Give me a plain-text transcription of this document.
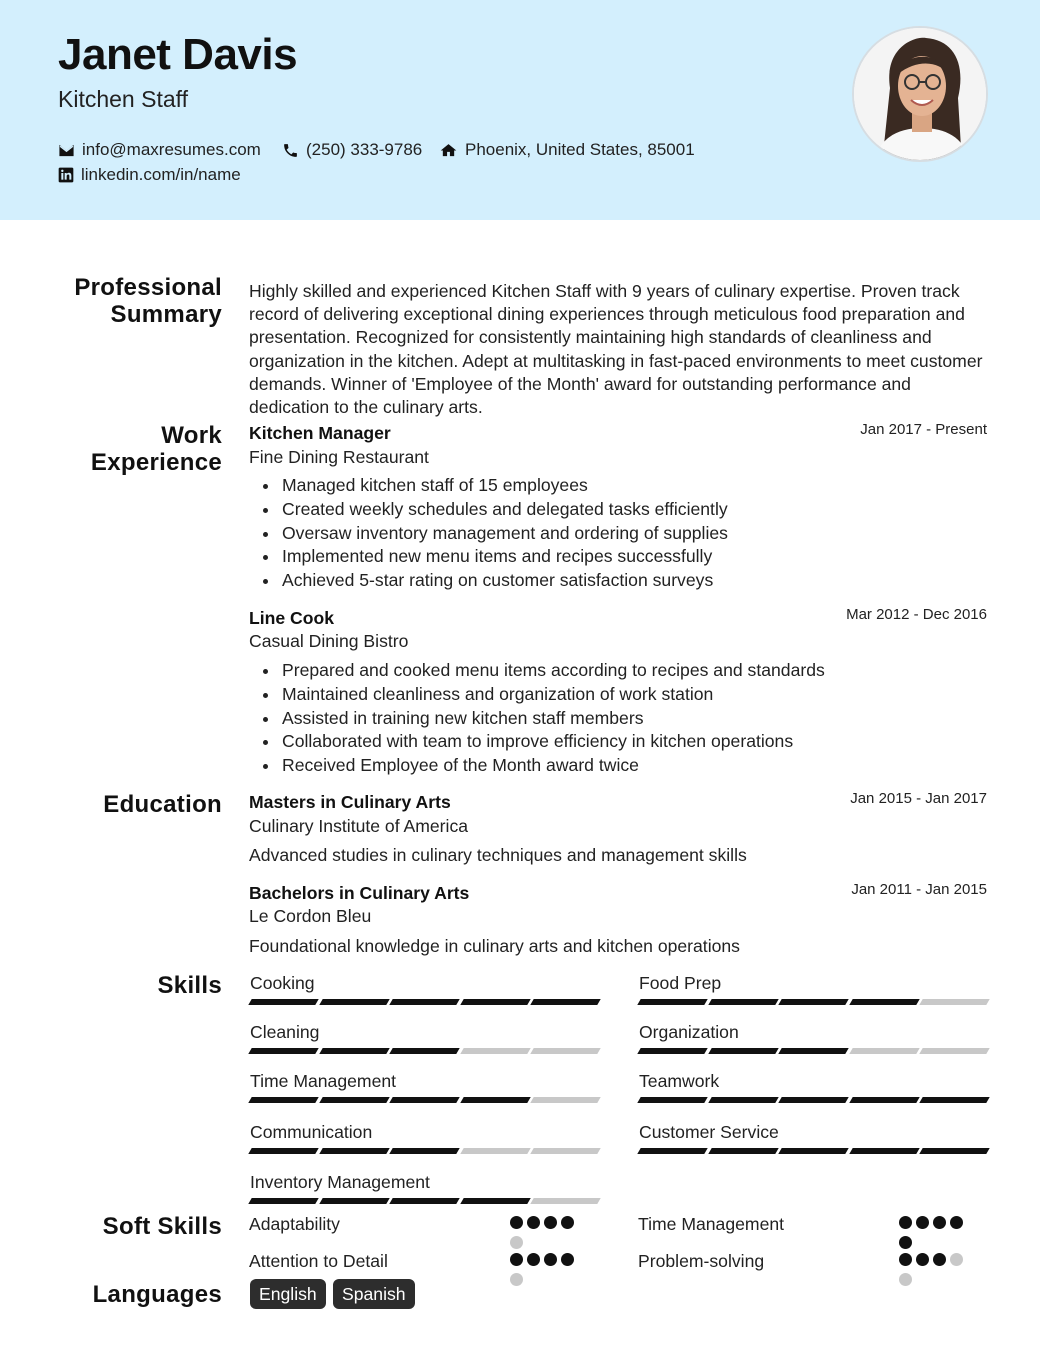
Janet Davis
Kitchen Staff
info@maxresumes.com	(250) 333-9786	Phoenix, United States, 85001
linkedin.com/in/name
Professional
Summary
Highly skilled and experienced Kitchen Staff with 9 years of culinary expertise. Proven track record of delivering exceptional dining experiences through meticulous food preparation and presentation. Recognized for consistently maintaining high standards of cleanliness and organization in the kitchen. Adept at multitasking in fast-paced environments to meet customer demands. Winner of 'Employee of the Month' award for outstanding performance and dedication to the culinary arts.
Work
Experience
Kitchen Manager	Jan 2017 - Present
Fine Dining Restaurant
Managed kitchen staff of 15 employees
Created weekly schedules and delegated tasks efficiently
Oversaw inventory management and ordering of supplies
Implemented new menu items and recipes successfully
Achieved 5-star rating on customer satisfaction surveys
Line Cook	Mar 2012 - Dec 2016
Casual Dining Bistro
Prepared and cooked menu items according to recipes and standards
Maintained cleanliness and organization of work station
Assisted in training new kitchen staff members
Collaborated with team to improve efficiency in kitchen operations
Received Employee of the Month award twice
Education Masters in Culinary Arts	Jan 2015 - Jan 2017
Culinary Institute of America
Advanced studies in culinary techniques and management skills
Bachelors in Culinary Arts	Jan 2011 - Jan 2015
Le Cordon Bleu
Foundational knowledge in culinary arts and kitchen operations
Skills Cooking	Food Prep
Cleaning	Organization
Time Management	Teamwork
Communication	Customer Service
Inventory Management
Soft Skills Adaptability	Time Management
Attention to Detail	Problem-solving
Languages	English	Spanish
